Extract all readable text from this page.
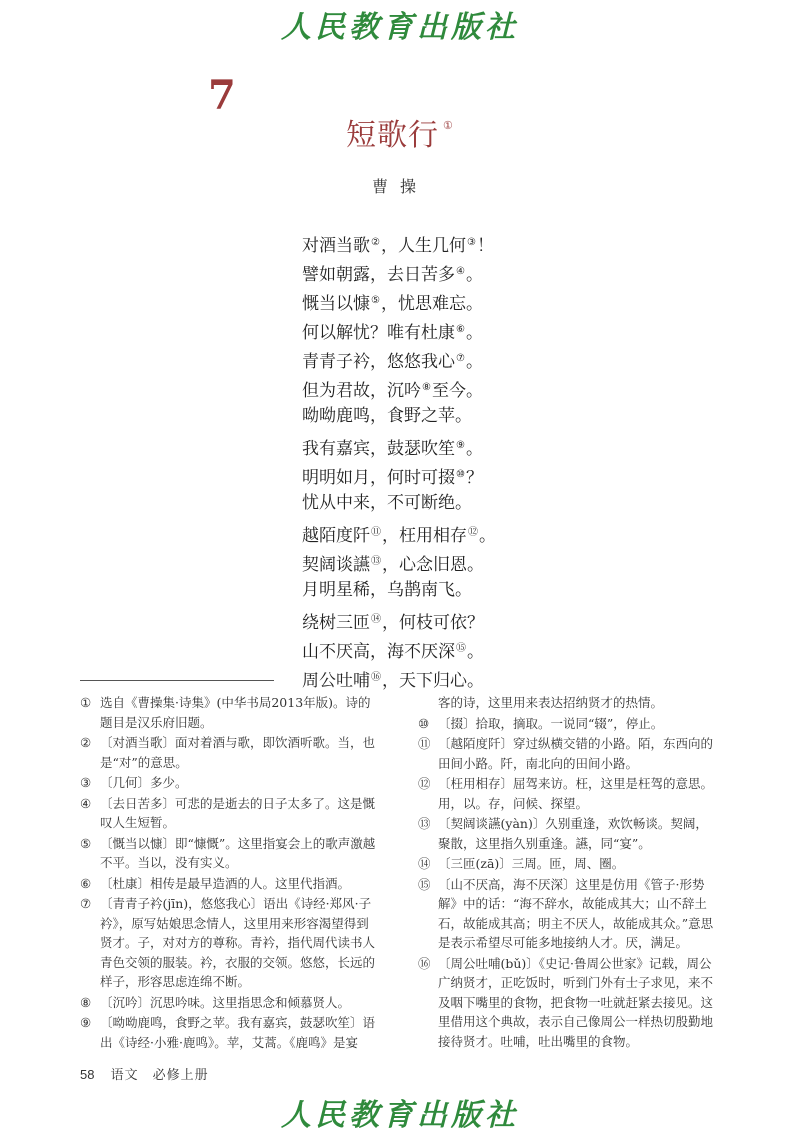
人民教育出版社
7
短歌行 ①
曹操
对酒当歌②，人生几何③！
譬如朝露，去日苦多④。
慨当以慷⑤，忧思难忘。
何以解忧？唯有杜康⑥。
青青子衿，悠悠我心⑦。
但为君故，沉吟⑧至今。
呦呦鹿鸣，食野之苹。
我有嘉宾，鼓瑟吹笙⑨。
明明如月，何时可掇⑩？
忧从中来，不可断绝。
越陌度阡⑪，枉用相存⑫。
契阔谈讌⑬，心念旧恩。
月明星稀，乌鹊南飞。
绕树三匝⑭，何枝可依？
山不厌高，海不厌深⑮。
周公吐哺⑯，天下归心。
① 选自《曹操集·诗集》(中华书局2013年版)。诗的题目是汉乐府旧题。
② 〔对酒当歌〕面对着酒与歌，即饮酒听歌。当，也是“对”的意思。
③ 〔几何〕多少。
④ 〔去日苦多〕可悲的是逝去的日子太多了。这是慨叹人生短暂。
⑤ 〔慨当以慷〕即“慷慨”。这里指宴会上的歌声激越不平。当以，没有实义。
⑥ 〔杜康〕相传是最早造酒的人。这里代指酒。
⑦ 〔青青子衿(jīn)，悠悠我心〕语出《诗经·郑风·子衿》，原写姑娘思念情人，这里用来形容渴望得到贤才。子，对对方的尊称。青衿，指代周代读书人青色交领的服装。衿，衣服的交领。悠悠，长远的样子，形容思虑连绵不断。
⑧ 〔沉吟〕沉思吟味。这里指思念和倾慕贤人。
⑨ 〔呦呦鹿鸣，食野之苹。我有嘉宾，鼓瑟吹笙〕语出《诗经·小雅·鹿鸣》。苹，艾蒿。《鹿鸣》是宴
客的诗，这里用来表达招纳贤才的热情。
⑩ 〔掇〕拾取，摘取。一说同“辍”，停止。
⑪ 〔越陌度阡〕穿过纵横交错的小路。陌，东西向的田间小路。阡，南北向的田间小路。
⑫ 〔枉用相存〕屈驾来访。枉，这里是枉驾的意思。用，以。存，问候、探望。
⑬ 〔契阔谈讌(yàn)〕久别重逢，欢饮畅谈。契阔，聚散，这里指久别重逢。讌，同“宴”。
⑭ 〔三匝(zā)〕三周。匝，周、圈。
⑮ 〔山不厌高，海不厌深〕这里是仿用《管子·形势解》中的话：“海不辞水，故能成其大；山不辞土石，故能成其高；明主不厌人，故能成其众。”意思是表示希望尽可能多地接纳人才。厌，满足。
⑯ 〔周公吐哺(bǔ)〕《史记·鲁周公世家》记载，周公广纳贤才，正吃饭时，听到门外有士子求见，来不及咽下嘴里的食物，把食物一吐就赶紧去接见。这里借用这个典故，表示自己像周公一样热切殷勤地接待贤才。吐哺，吐出嘴里的食物。
58 语文　必修上册
人民教育出版社
